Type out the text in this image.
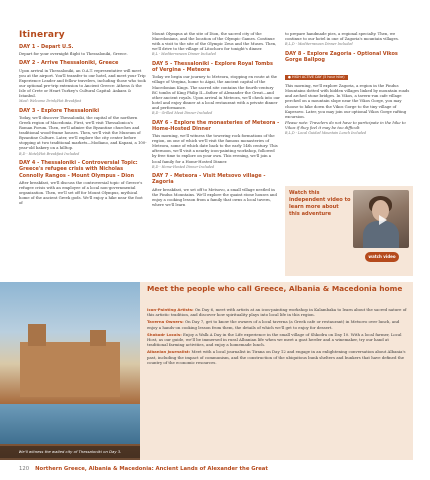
Itinerary
DAY 1 - Depart U.S.
Depart for your overnight flight to Thessaloniki, Greece.
DAY 2 - Arrive Thessaloniki, Greece
Upon arrival in Thessaloniki, an O.A.T. representative will meet you at the airport. You'll transfer to our hotel, and meet your Trip Experience Leader and fellow travelers, including those who took our optional pre-trip extension to Ancient Greece: Athens & the Isle of Crete or Heart Turkey's Cultural Capital: Ankara & Istanbul.
Meal: Welcome Drink/Hot Breakfast
DAY 3 - Explore Thessaloniki
Today, we'll discover Thessaloniki, the capital of the northern Greek region of Macedonia. First, we'll visit Thessalonica's Roman Forum. Then, we'll admire the Byzantine churches and traditional wood-frame houses. Then, we'll visit the Museum of Byzantine Culture. Later, we'll explore the city center before stopping at two traditional markets—Modiano, and Kapani, a 100-year-old bakery on a hilltop.
B,D - Hotel/Hot Breakfast Included
DAY 4 - Thessaloniki - Controversial Topic: Greece's refugee crisis with Nicholas Connolly Rangos - Mount Olympus - Dion
After breakfast, we'll discuss the controversial topic of Greece's refugee crisis with an employee of a local non-governmental organization. Then, we'll set off for Mount Olympus, mythical home of the ancient Greek gods. We'll enjoy a hike near the foot of
Mount Olympus at the site of Dion, the sacred city of the Macedonians, and the location of the Olympic Games. Continue with a visit to the site of the Olympic Zeus and the Muses. Then, we'll drive to the village of Litochoro for tonight's dinner.
B,L - Mediterranean Dinner Included
DAY 5 - Thessaloniki - Explore Royal Tombs of Vergina - Meteora
Today we begin our journey to Meteora, stopping en route at the village of Vergina, home to Aigai, the ancient capital of the Macedonian Kings. The sacred site contains the fourth-century BC tombs of King Philip II—father of Alexander the Great—and other ancient royals. Upon arrival in Meteora, we'll check into our hotel and enjoy dinner at a local restaurant with a private dinner and performance.
B,D - Grilled Meat Dinner Included
DAY 6 - Explore the monasteries of Meteora - Home-Hosted Dinner
This morning, we'll witness the towering rock formations of the region, on one of which we'll visit the famous monasteries of Meteora, some of which date back to the early 14th century. This afternoon, we'll visit a nearby icon-painting workshop, followed by free time to explore on your own. This evening, we'll join a local family for a Home-Hosted Dinner.
B,D - Home-Hosted Dinner Included
DAY 7 - Meteora - Visit Metsovo village - Zagoria
After breakfast, we set off to Metsovo, a small village nestled in the Pindus Mountains. We'll explore the quaint stone houses and enjoy a cooking lesson from a family that owns a local tavern, where we'll learn
to prepare handmade pies, a regional specialty. Then, we continue to our hotel in one of Zagoria's mountain villages.
B,L,D - Mediterranean Dinner Included
DAY 8 - Explore Zagoria - Optional Vikos Gorge Ballpog
● HIGH ACTIVE DAY (5 hour hike)
This morning, we'll explore Zagoria, a region in the Pindus Mountains dotted with hidden villages linked by mountain roads and arched stone bridges. In Vikos, a tavern-run cafe village perched on a mountain slope near the Vikos Gorge, you may choose to hike down the Vikos Gorge to the tiny village of Kapesovo. Later, you may join our optional Vikos Gorge rafting excursion.
Please note: Travelers do not have to participate in the hike to Vikos if they feel it may be too difficult
B,L,D - Local Guided Mountain Lunch Included
Watch this independent video to learn more about this adventure
watch video
We'll witness the walled city of Thessaloniki on Day 3.
Meet the people who call Greece, Albania & Macedonia home
Icon-Painting Artists: On Day 6, meet with artists at an icon-painting workshop in Kalambaka to learn about the sacred nature of this artistic tradition, and discover how spirituality plays into local life in this region.
Taverna Owners: On Day 7, get to know the owners of a local taverna (a Greek cafe or restaurant) in Metsovo over lunch, and enjoy a hands-on cooking lesson from them, the details of which we'll get to enjoy for dessert.
Shokodr Locals: Enjoy a Walk A Day in the Life experience in the small village of Shkodra on Day 10. With a local farmer, Local Host, as our guide, we'll be immersed in rural Albanian life when we meet a goat herder and a winemaker, try our hand at traditional farming activities, and enjoy a homemade lunch.
Albanian Journalist: Meet with a local journalist in Tirana on Day 12 and engage in an enlightening conversation about Albania's past, including the impact of communism, and the construction of the ubiquitous bunk shelters and bunkers that have defined the country of the economic resources.
120 Northern Greece, Albania & Macedonia: Ancient Lands of Alexander the Great
